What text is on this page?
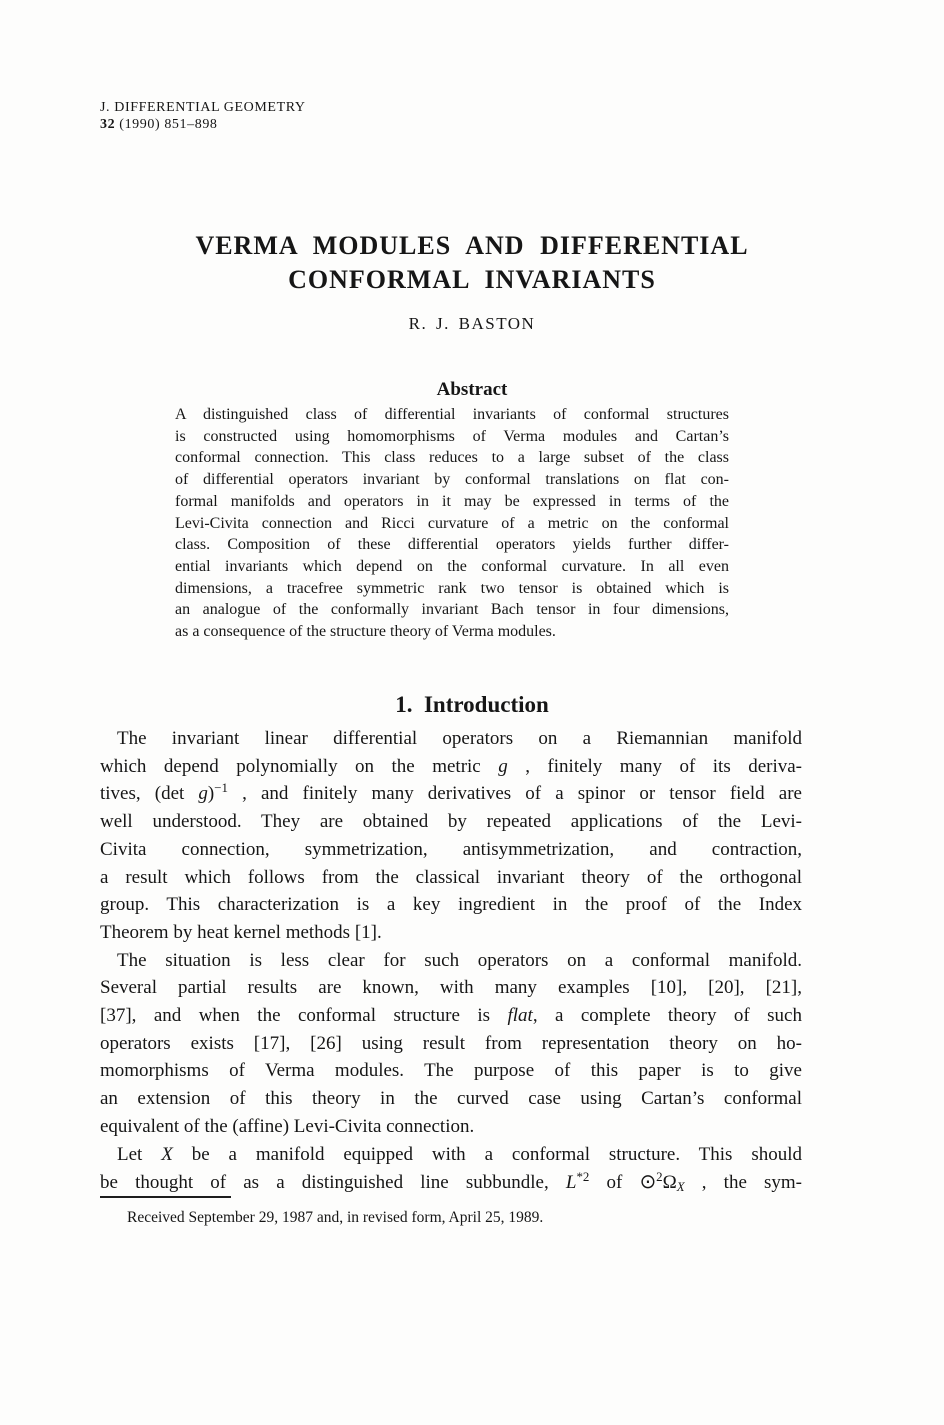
J. DIFFERENTIAL GEOMETRY
32 (1990) 851–898
VERMA MODULES AND DIFFERENTIAL
CONFORMAL INVARIANTS
R. J. BASTON
Abstract
A distinguished class of differential invariants of conformal structures
is constructed using homomorphisms of Verma modules and Cartan’s
conformal connection. This class reduces to a large subset of the class
of differential operators invariant by conformal translations on flat con-
formal manifolds and operators in it may be expressed in terms of the
Levi-Civita connection and Ricci curvature of a metric on the conformal
class. Composition of these differential operators yields further differ-
ential invariants which depend on the conformal curvature. In all even
dimensions, a tracefree symmetric rank two tensor is obtained which is
an analogue of the conformally invariant Bach tensor in four dimensions,
as a consequence of the structure theory of Verma modules.
1.  Introduction
The invariant linear differential operators on a Riemannian manifold
which depend polynomially on the metric g , finitely many of its deriva-
tives, (det g)$^{-1}$ , and finitely many derivatives of a spinor or tensor field are
well understood. They are obtained by repeated applications of the Levi-
Civita connection, symmetrization, antisymmetrization, and contraction,
a result which follows from the classical invariant theory of the orthogonal
group. This characterization is a key ingredient in the proof of the Index
Theorem by heat kernel methods [1].
The situation is less clear for such operators on a conformal manifold.
Several partial results are known, with many examples [10], [20], [21],
[37], and when the conformal structure is flat, a complete theory of such
operators exists [17], [26] using result from representation theory on ho-
momorphisms of Verma modules. The purpose of this paper is to give
an extension of this theory in the curved case using Cartan’s conformal
equivalent of the (affine) Levi-Civita connection.
Let X be a manifold equipped with a conformal structure. This should
be thought of as a distinguished line subbundle, $L^{*2}$ of $⊙^2\Omega_X$ , the sym-
Received September 29, 1987 and, in revised form, April 25, 1989.
